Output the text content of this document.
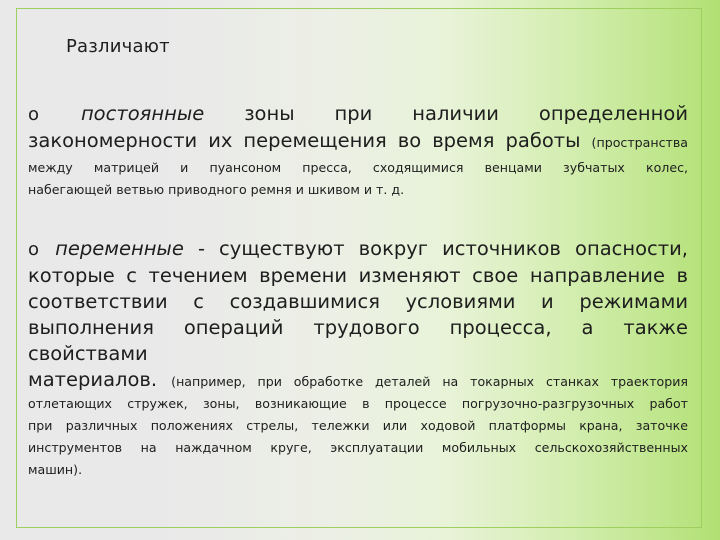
Различают
o постоянные зоны при наличии определенной
закономерности их перемещения во время работы (пространства
между матрицей и пуансоном пресса, сходящимися венцами зубчатых колес,
набегающей ветвью приводного ремня и шкивом и т. д.
o переменные - существуют вокруг источников опасности,
которые с течением времени изменяют свое направление в
соответствии с создавшимися условиями и режимами
выполнения операций трудового процесса, а также свойствами
материалов. (например, при обработке деталей на токарных станках траектория
отлетающих стружек, зоны, возникающие в процессе погрузочно-разгрузочных работ
при различных положениях стрелы, тележки или ходовой платформы крана, заточке
инструментов на наждачном круге, эксплуатации мобильных сельскохозяйственных
машин).
